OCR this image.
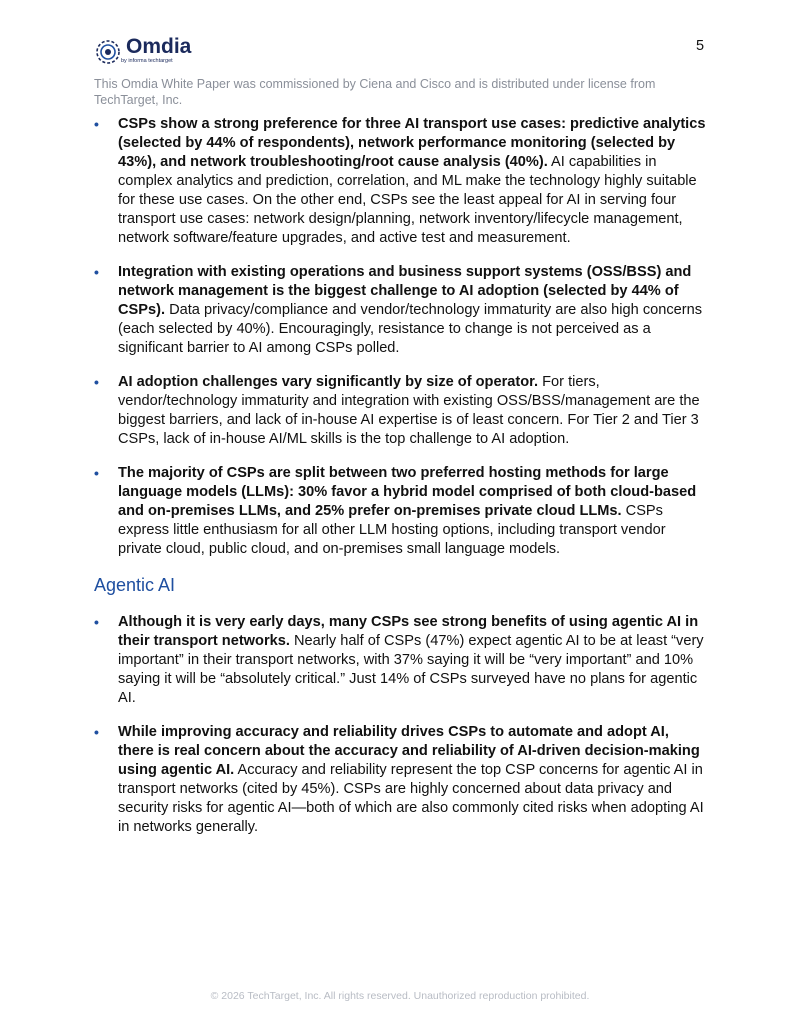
Omdia
by informa techtarget
5
This Omdia White Paper was commissioned by Ciena and Cisco and is distributed under license from TechTarget, Inc.
• CSPs show a strong preference for three AI transport use cases: predictive analytics (selected by 44% of respondents), network performance monitoring (selected by 43%), and network troubleshooting/root cause analysis (40%). AI capabilities in complex analytics and prediction, correlation, and ML make the technology highly suitable for these use cases. On the other end, CSPs see the least appeal for AI in serving four transport use cases: network design/planning, network inventory/lifecycle management, network software/feature upgrades, and active test and measurement.
• Integration with existing operations and business support systems (OSS/BSS) and network management is the biggest challenge to AI adoption (selected by 44% of CSPs). Data privacy/compliance and vendor/technology immaturity are also high concerns (each selected by 40%). Encouragingly, resistance to change is not perceived as a significant barrier to AI among CSPs polled.
• AI adoption challenges vary significantly by size of operator. For tiers, vendor/technology immaturity and integration with existing OSS/BSS/management are the biggest barriers, and lack of in-house AI expertise is of least concern. For Tier 2 and Tier 3 CSPs, lack of in-house AI/ML skills is the top challenge to AI adoption.
• The majority of CSPs are split between two preferred hosting methods for large language models (LLMs): 30% favor a hybrid model comprised of both cloud-based and on-premises LLMs, and 25% prefer on-premises private cloud LLMs. CSPs express little enthusiasm for all other LLM hosting options, including transport vendor private cloud, public cloud, and on-premises small language models.
Agentic AI
• Although it is very early days, many CSPs see strong benefits of using agentic AI in their transport networks. Nearly half of CSPs (47%) expect agentic AI to be at least “very important” in their transport networks, with 37% saying it will be “very important” and 10% saying it will be “absolutely critical.” Just 14% of CSPs surveyed have no plans for agentic AI.
• While improving accuracy and reliability drives CSPs to automate and adopt AI, there is real concern about the accuracy and reliability of AI-driven decision-making using agentic AI. Accuracy and reliability represent the top CSP concerns for agentic AI in transport networks (cited by 45%). CSPs are highly concerned about data privacy and security risks for agentic AI—both of which are also commonly cited risks when adopting AI in networks generally.
© 2026 TechTarget, Inc. All rights reserved. Unauthorized reproduction prohibited.
